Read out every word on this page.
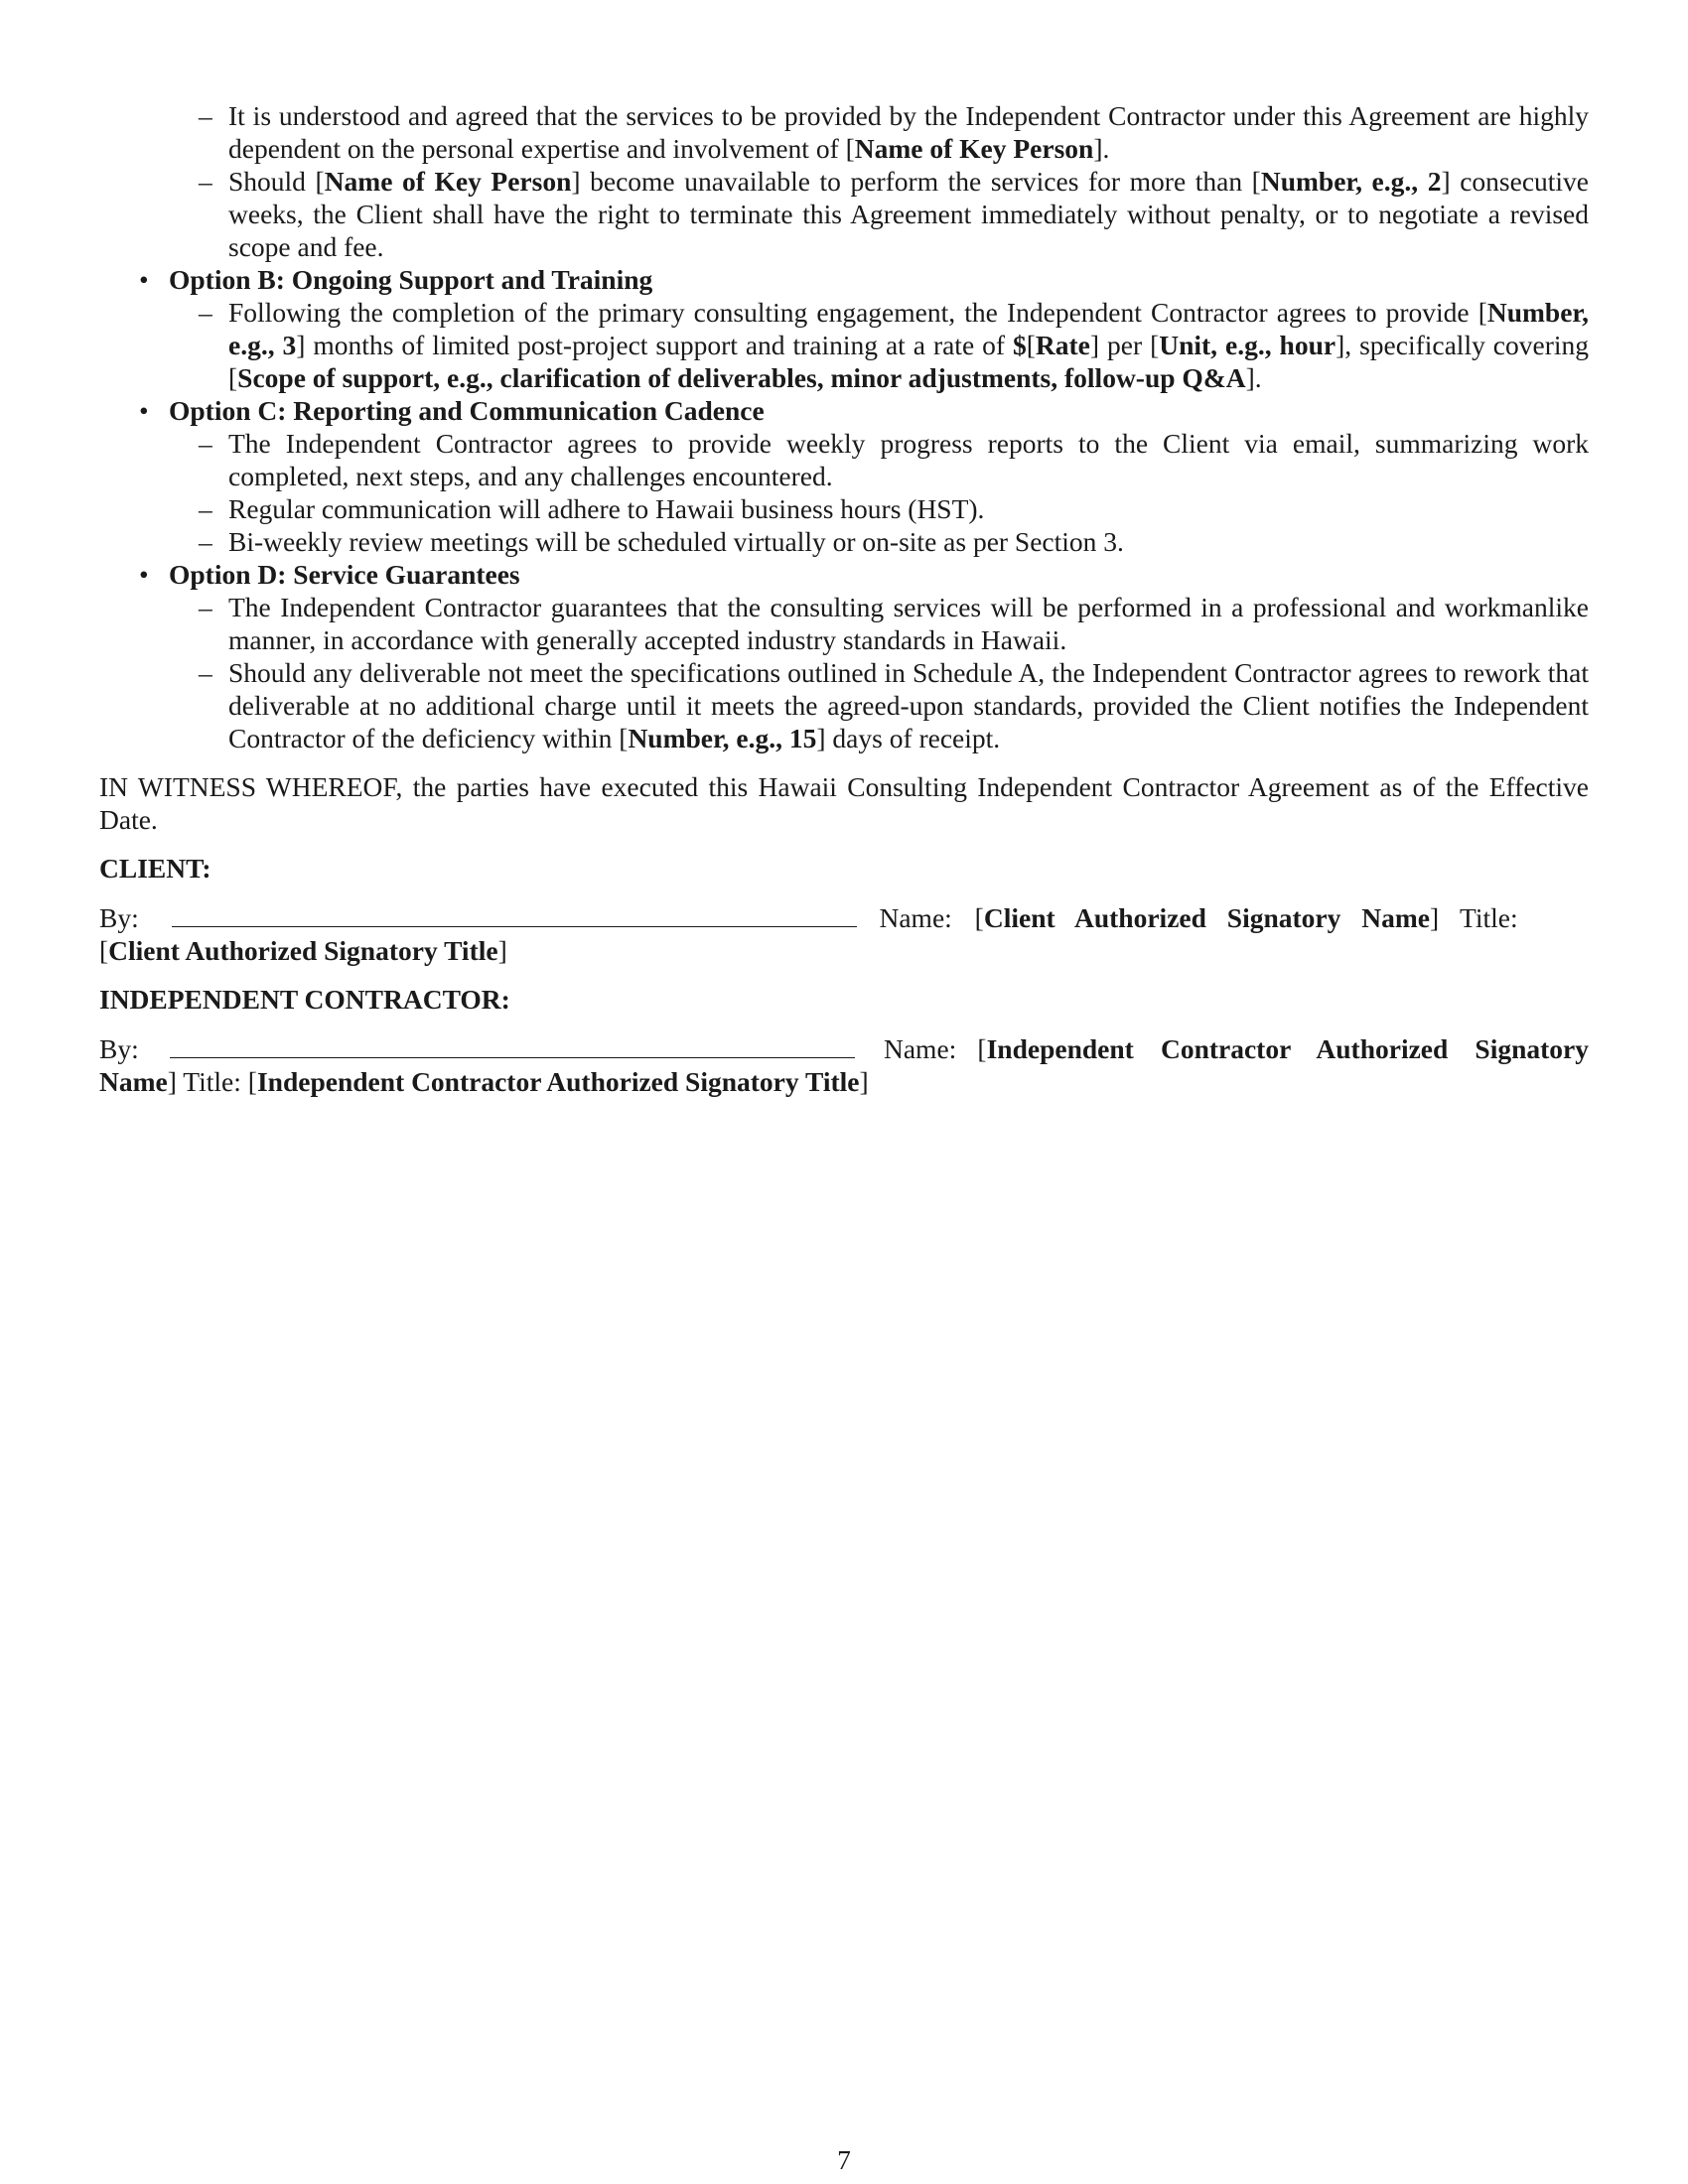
– It is understood and agreed that the services to be provided by the Independent Contractor under this Agreement are highly dependent on the personal expertise and involvement of [Name of Key Person].
– Should [Name of Key Person] become unavailable to perform the services for more than [Number, e.g., 2] consecutive weeks, the Client shall have the right to terminate this Agreement immediately without penalty, or to negotiate a revised scope and fee.
• Option B: Ongoing Support and Training
– Following the completion of the primary consulting engagement, the Independent Contractor agrees to provide [Number, e.g., 3] months of limited post-project support and training at a rate of $[Rate] per [Unit, e.g., hour], specifically covering [Scope of support, e.g., clarification of deliverables, minor adjustments, follow-up Q&A].
• Option C: Reporting and Communication Cadence
– The Independent Contractor agrees to provide weekly progress reports to the Client via email, summarizing work completed, next steps, and any challenges encountered.
– Regular communication will adhere to Hawaii business hours (HST).
– Bi-weekly review meetings will be scheduled virtually or on-site as per Section 3.
• Option D: Service Guarantees
– The Independent Contractor guarantees that the consulting services will be performed in a professional and workmanlike manner, in accordance with generally accepted industry standards in Hawaii.
– Should any deliverable not meet the specifications outlined in Schedule A, the Independent Contractor agrees to rework that deliverable at no additional charge until it meets the agreed-upon standards, provided the Client notifies the Independent Contractor of the deficiency within [Number, e.g., 15] days of receipt.

IN WITNESS WHEREOF, the parties have executed this Hawaii Consulting Independent Contractor Agreement as of the Effective Date.

CLIENT:
By:	Name: [Client Authorized Signatory Name] Title:
[Client Authorized Signatory Title]
INDEPENDENT CONTRACTOR:
By:	Name: [Independent Contractor Authorized Signatory Name] Title: [Independent Contractor Authorized Signatory Title]
7
